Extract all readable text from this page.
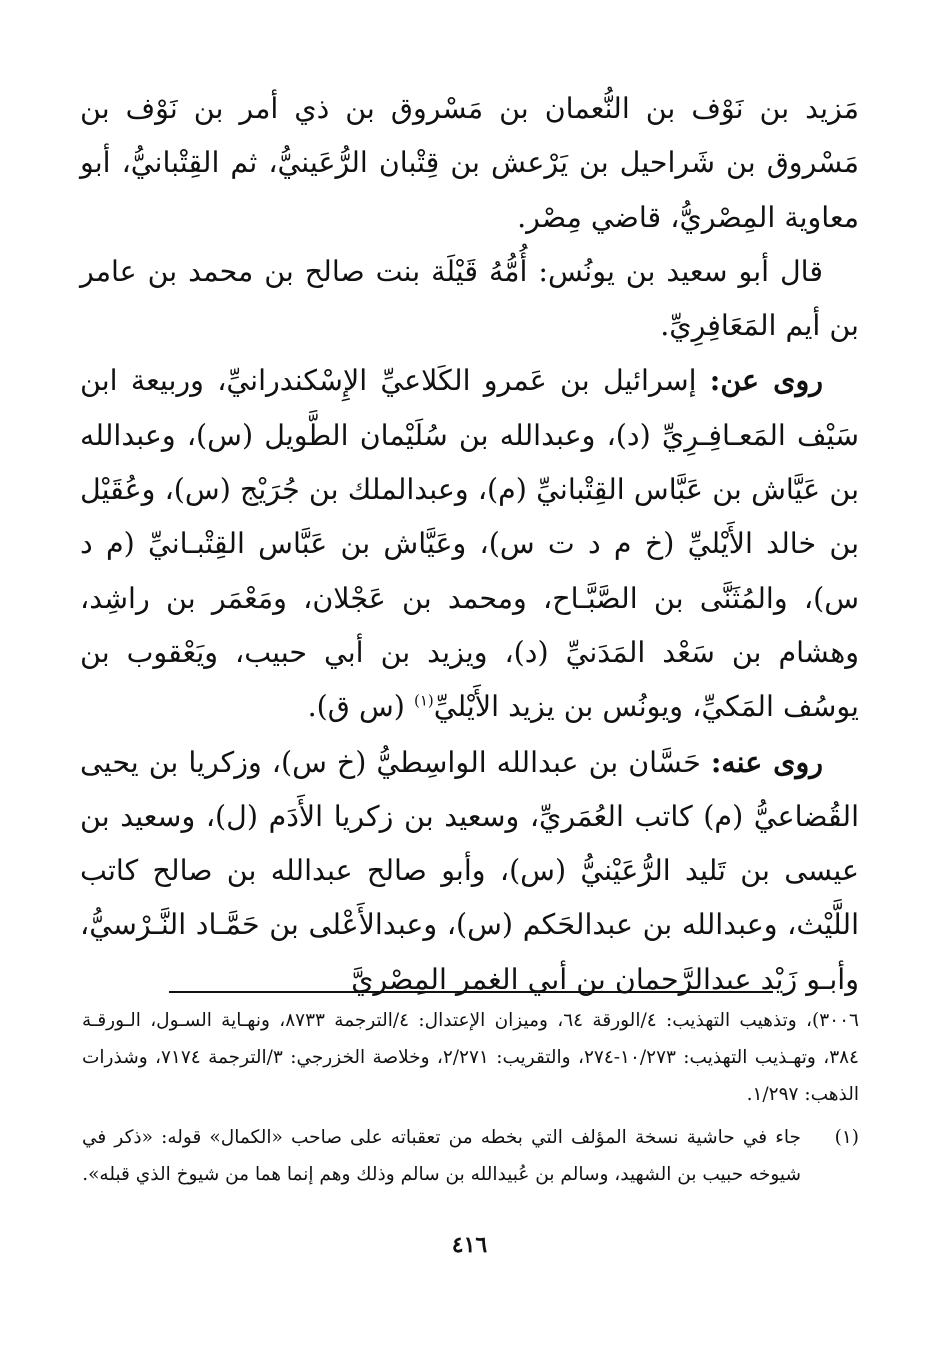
مَزيد بن نَوْف بن النُّعمان بن مَسْروق بن ذي أمر بن نَوْف بن مَسْروق بن شَراحيل بن يَرْعش بن قِتْبان الرُّعَينيُّ، ثم القِتْبانيُّ، أبو معاوية المِصْريُّ، قاضي مِصْر.

قال أبو سعيد بن يونُس: أُمُّهُ قَيْلَة بنت صالح بن محمد بن عامر بن أيم المَعَافِرِيِّ.

روى عن: إسرائيل بن عَمرو الكَلاعيِّ الإِسْكندرانيِّ، وربيعة ابن سَيْف المَعـافِـرِيِّ (د)، وعبدالله بن سُلَيْمان الطَّويل (س)، وعبدالله بن عَيَّاش بن عَبَّاس القِتْبانيِّ (م)، وعبدالملك بن جُرَيْج (س)، وعُقَيْل بن خالد الأَيْليِّ (خ م د ت س)، وعَيَّاش بن عَبَّاس القِتْبـانيِّ (م د س)، والمُثَنَّى بن الصَّبَّـاح، ومحمد بن عَجْلان، ومَعْمَر بن راشِد، وهشام بن سَعْد المَدَنيِّ (د)، ويزيد بن أبي حبيب، ويَعْقوب بن يوسُف المَكيِّ، ويونُس بن يزيد الأَيْليِّ$^{(١)}$ (س ق).

روى عنه: حَسَّان بن عبدالله الواسِطيُّ (خ س)، وزكريا بن يحيى القُضاعيُّ (م) كاتب العُمَريِّ، وسعيد بن زكريا الأَدَم (ل)، وسعيد بن عيسى بن تَليد الرُّعَيْنيُّ (س)، وأبو صالح عبدالله بن صالح كاتب اللَّيْث، وعبدالله بن عبدالحَكم (س)، وعبدالأَعْلى بن حَمَّـاد النَّـرْسيُّ، وأبـو زَيْد عبدالرَّحمان بن أبي الغمر المِصْريَّ

٣٠٠٦)، وتذهيب التهذيب: ٤/الورقة ٦٤، وميزان الإعتدال: ٤/الترجمة ٨٧٣٣، ونهـاية السـول، الـورقـة ٣٨٤، وتهـذيب التهذيب: ١٠/٢٧٣-٢٧٤، والتقريب: ٢/٢٧١، وخلاصة الخزرجي: ٣/الترجمة ٧١٧٤، وشذرات الذهب: ١/٢٩٧.

(١)
جاء في حاشية نسخة المؤلف التي بخطه من تعقباته على صاحب «الكمال» قوله: «ذكر في شيوخه حبيب بن الشهيد، وسالم بن عُبيدالله بن سالم وذلك وهم إنما هما من شيوخ الذي قبله».

٤١٦
